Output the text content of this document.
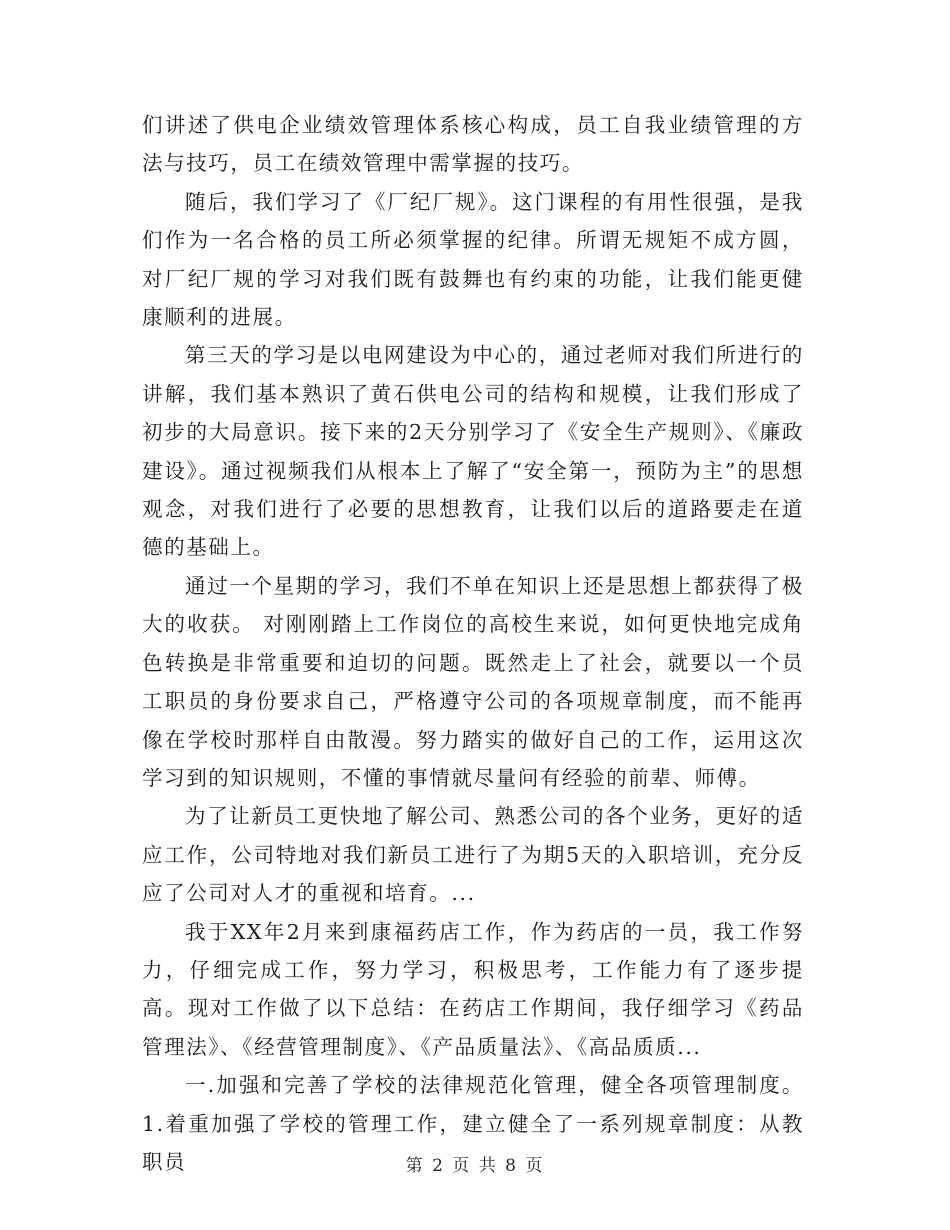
们讲述了供电企业绩效管理体系核心构成，员工自我业绩管理的方法与技巧，员工在绩效管理中需掌握的技巧。

随后，我们学习了《厂纪厂规》。这门课程的有用性很强，是我们作为一名合格的员工所必须掌握的纪律。所谓无规矩不成方圆，对厂纪厂规的学习对我们既有鼓舞也有约束的功能，让我们能更健康顺利的进展。

第三天的学习是以电网建设为中心的，通过老师对我们所进行的讲解，我们基本熟识了黄石供电公司的结构和规模，让我们形成了初步的大局意识。接下来的2天分别学习了《安全生产规则》、《廉政建设》。通过视频我们从根本上了解了“安全第一，预防为主”的思想观念，对我们进行了必要的思想教育，让我们以后的道路要走在道德的基础上。

通过一个星期的学习，我们不单在知识上还是思想上都获得了极大的收获。 对刚刚踏上工作岗位的高校生来说，如何更快地完成角色转换是非常重要和迫切的问题。既然走上了社会，就要以一个员工职员的身份要求自己，严格遵守公司的各项规章制度，而不能再像在学校时那样自由散漫。努力踏实的做好自己的工作，运用这次学习到的知识规则，不懂的事情就尽量问有经验的前辈、师傅。

为了让新员工更快地了解公司、熟悉公司的各个业务，更好的适应工作，公司特地对我们新员工进行了为期5天的入职培训，充分反应了公司对人才的重视和培育。...

我于XX年2月来到康福药店工作，作为药店的一员，我工作努力，仔细完成工作，努力学习，积极思考，工作能力有了逐步提高。现对工作做了以下总结：在药店工作期间，我仔细学习《药品管理法》、《经营管理制度》、《产品质量法》、《高品质质...

一.加强和完善了学校的法律规范化管理，健全各项管理制度。1.着重加强了学校的管理工作，建立健全了一系列规章制度：从教职员	第 2 页 共 8 页
